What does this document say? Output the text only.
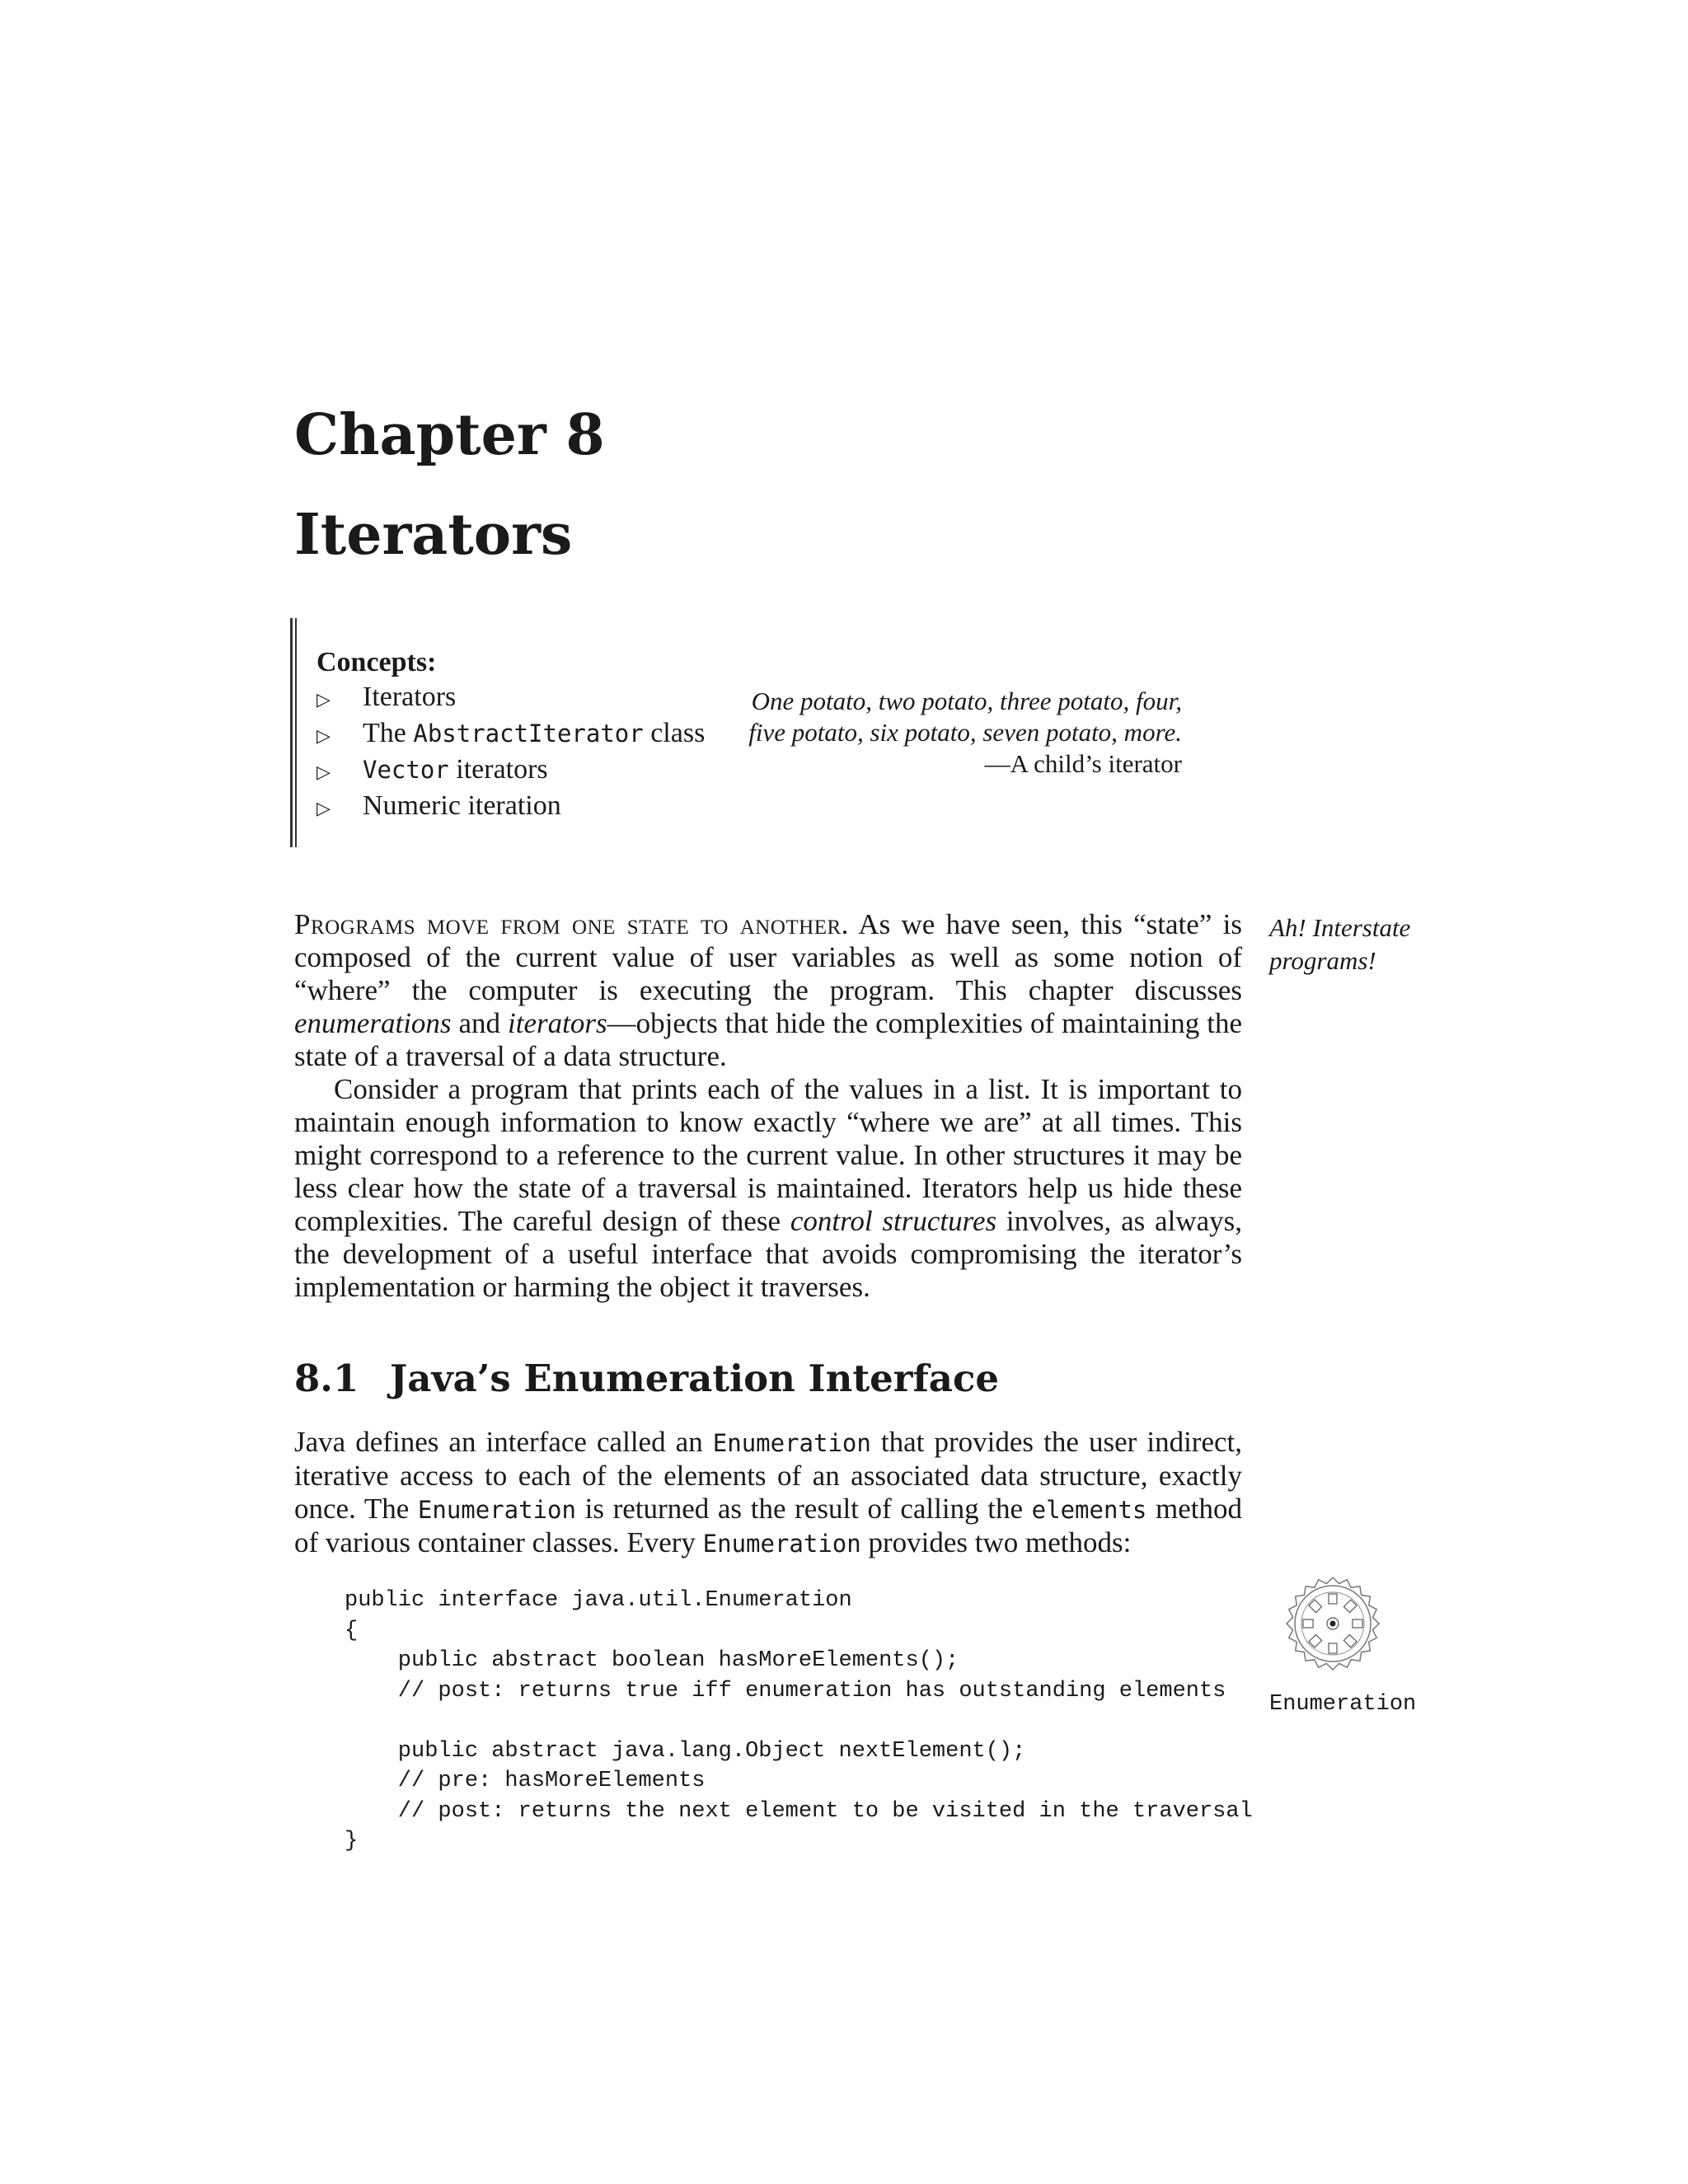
Chapter 8
Iterators
Concepts:
▷	Iterators
▷	The AbstractIterator class
▷	Vector iterators
▷	Numeric iteration
One potato, two potato, three potato, four,
five potato, six potato, seven potato, more.
—A child’s iterator

Programs move from one state to another. As we have seen, this “state” is composed of the current value of user variables as well as some notion of “where” the computer is executing the program. This chapter discusses enumerations and iterators—objects that hide the complexities of maintaining the state of a traversal of a data structure.

Consider a program that prints each of the values in a list. It is important to maintain enough information to know exactly “where we are” at all times. This might correspond to a reference to the current value. In other structures it may be less clear how the state of a traversal is maintained. Iterators help us hide these complexities. The careful design of these control structures involves, as always, the development of a useful interface that avoids compromising the iterator’s implementation or harming the object it traverses.

Ah! Interstate
programs!
8.1 Java’s Enumeration Interface

Java defines an interface called an Enumeration that provides the user indirect, iterative access to each of the elements of an associated data structure, exactly once. The Enumeration is returned as the result of calling the elements method of various container classes. Every Enumeration provides two methods:

public interface java.util.Enumeration
{
public abstract boolean hasMoreElements();
// post: returns true iff enumeration has outstanding elements
public abstract java.lang.Object nextElement();
// pre: hasMoreElements
// post: returns the next element to be visited in the traversal
}
Enumeration
